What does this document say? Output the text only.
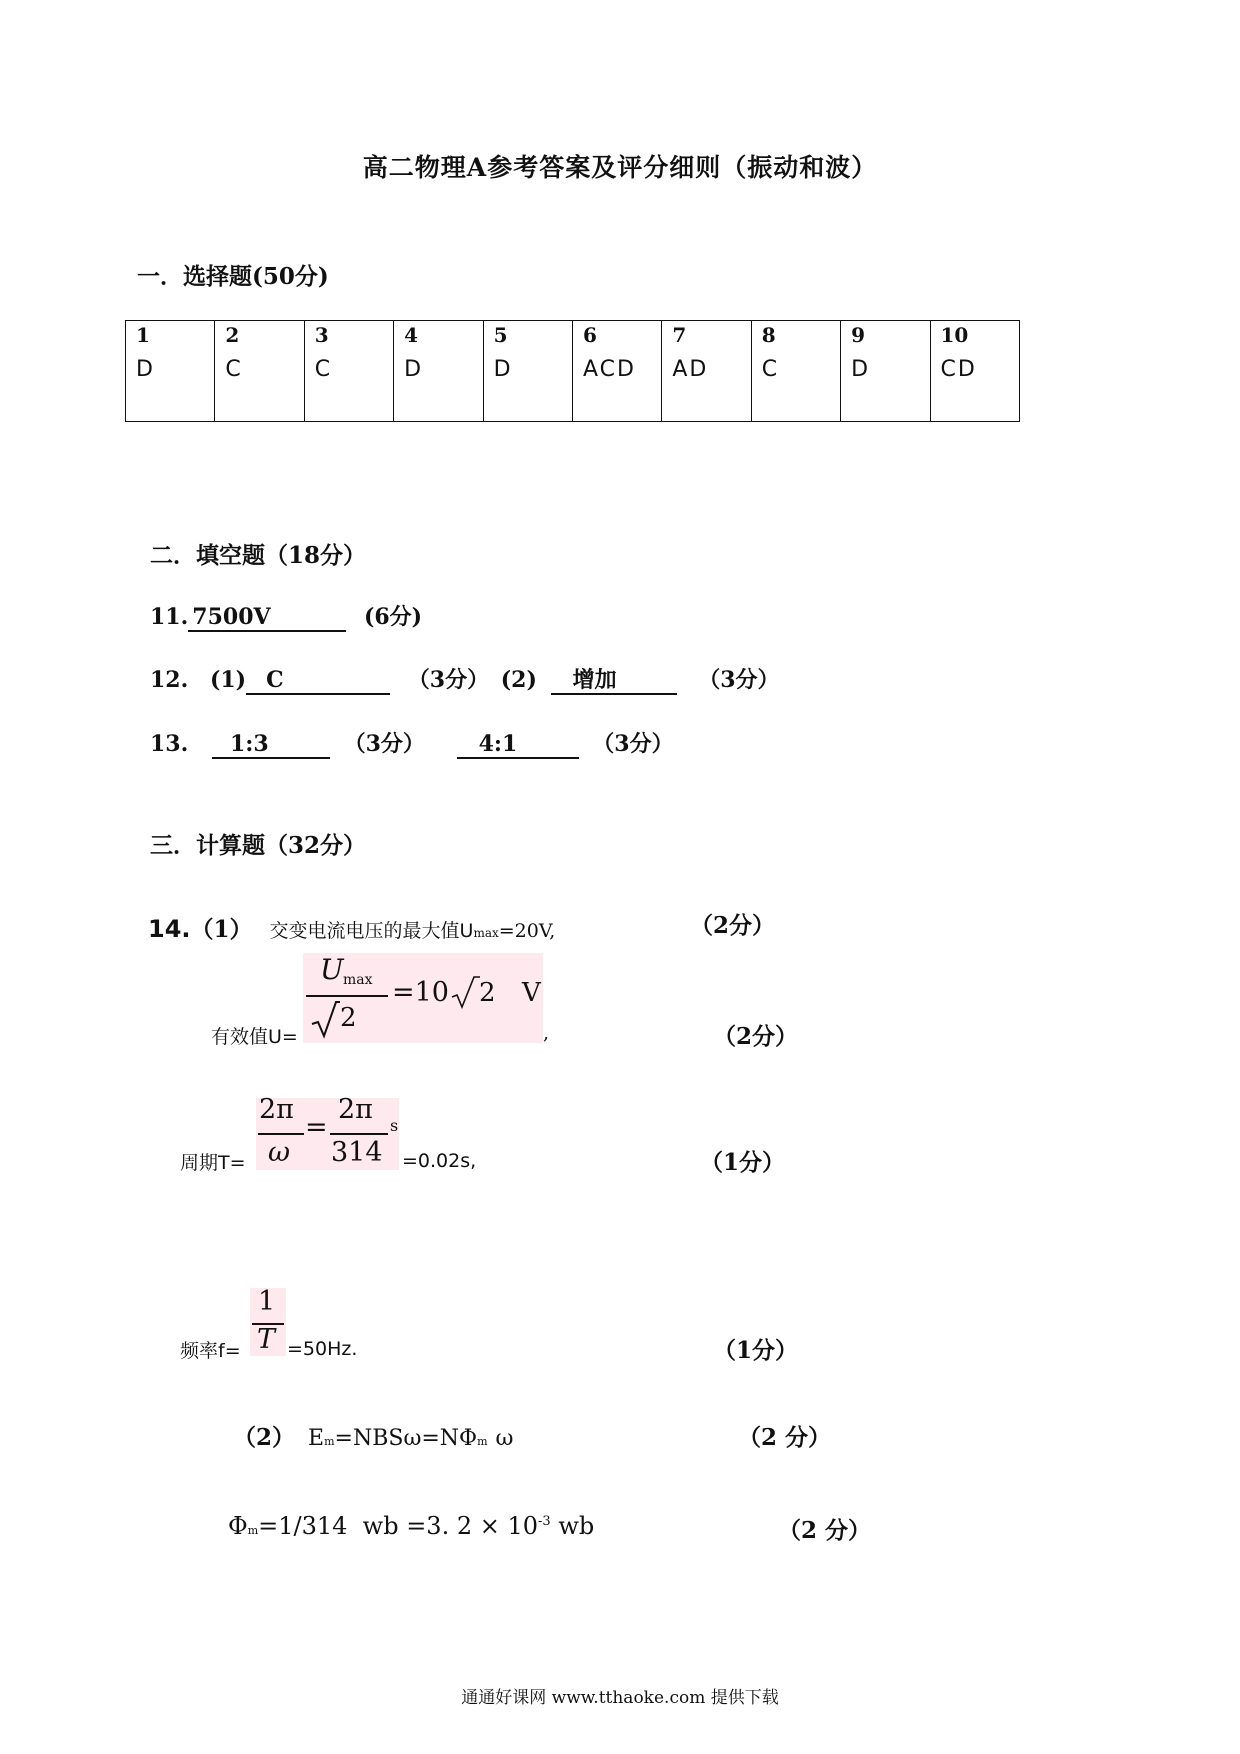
高二物理A参考答案及评分细则（振动和波）
一．选择题(50分)
1	2	3	4	5	6	7	8	9	10
D	C	C	D	D	ACD	AD	C	D	CD
二．填空题（18分）
11. 7500V	(6分)
12. (1) C	（3分） (2) 增加	（3分）
13. 1:3	（3分） 4:1	（3分）
三．计算题（32分）
14.（1） 交变电流电压的最大值Umax=20V,	（2分）
有效值U=
U max
2
=10 2 V
,	（2分）
周期T=
2π
ω
=
2π
314
s
=0.02s,	（1分）
频率f=
1
T =50Hz.	（1分）
（2） Em=NBSω=NΦm ω	（2 分）
Φm=1/314  wb =3. $2 \times 10^{-3}$ wb	（2 分）
通通好课网 www.tthaoke.com 提供下载
